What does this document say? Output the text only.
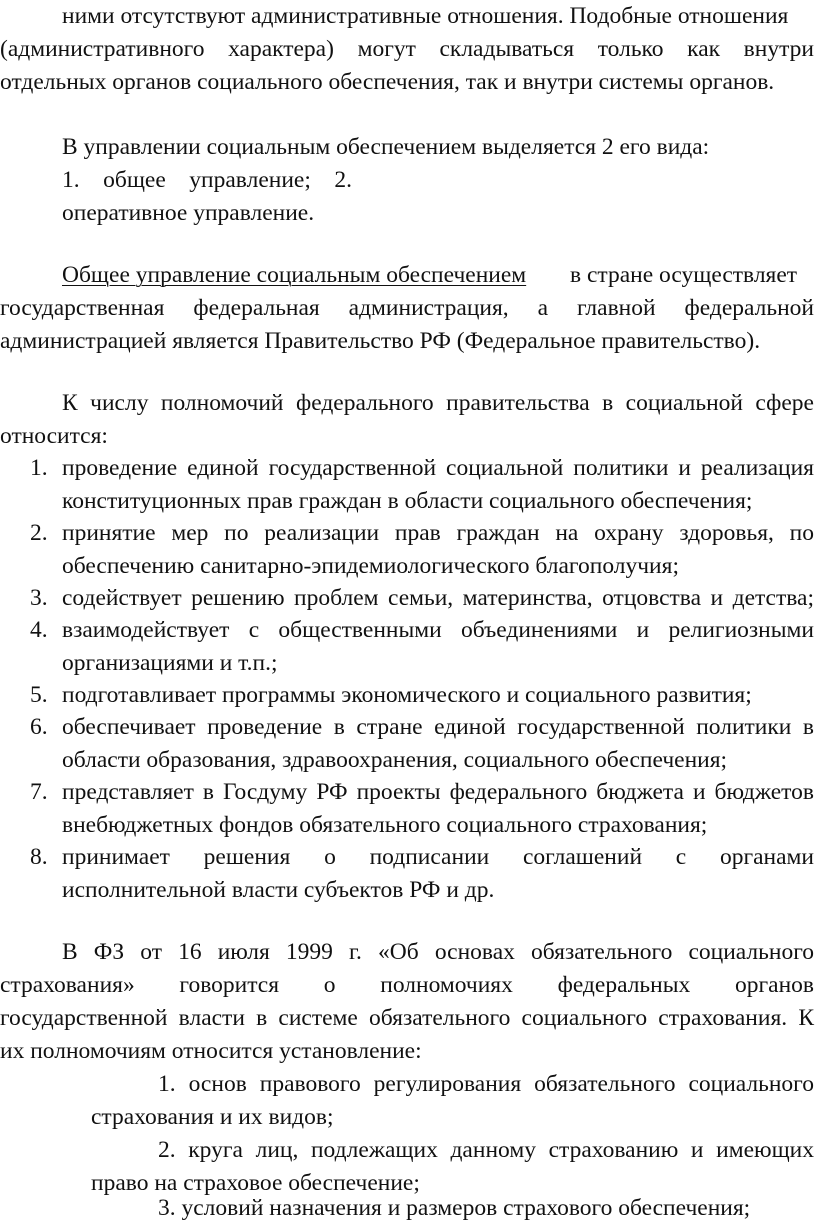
ними отсутствуют административные отношения. Подобные отношения
(административного характера) могут складываться только как внутри
отдельных органов социального обеспечения, так и внутри системы органов.
В управлении социальным обеспечением выделяется 2 его вида:
1. общее управление; 2.
оперативное управление.
Общее управление социальным обеспечением в стране осуществляет
государственная федеральная администрация, а главной федеральной
администрацией является Правительство РФ (Федеральное правительство).
К числу полномочий федерального правительства в социальной сфере
относится:
1. проведение единой государственной социальной политики и реализация
конституционных прав граждан в области социального обеспечения;
2. принятие мер по реализации прав граждан на охрану здоровья, по
обеспечению санитарно-эпидемиологического благополучия;
3. содействует решению проблем семьи, материнства, отцовства и детства;
4. взаимодействует с общественными объединениями и религиозными
организациями и т.п.;
5. подготавливает программы экономического и социального развития;
6. обеспечивает проведение в стране единой государственной политики в
области образования, здравоохранения, социального обеспечения;
7. представляет в Госдуму РФ проекты федерального бюджета и бюджетов
внебюджетных фондов обязательного социального страхования;
8. принимает решения о подписании соглашений с органами
исполнительной власти субъектов РФ и др.
В ФЗ от 16 июля 1999 г. «Об основах обязательного социального
страхования» говорится о полномочиях федеральных органов
государственной власти в системе обязательного социального страхования. К
их полномочиям относится установление:
1. основ правового регулирования обязательного социального
страхования и их видов;
2. круга лиц, подлежащих данному страхованию и имеющих
право на страховое обеспечение;
3. условий назначения и размеров страхового обеспечения;
